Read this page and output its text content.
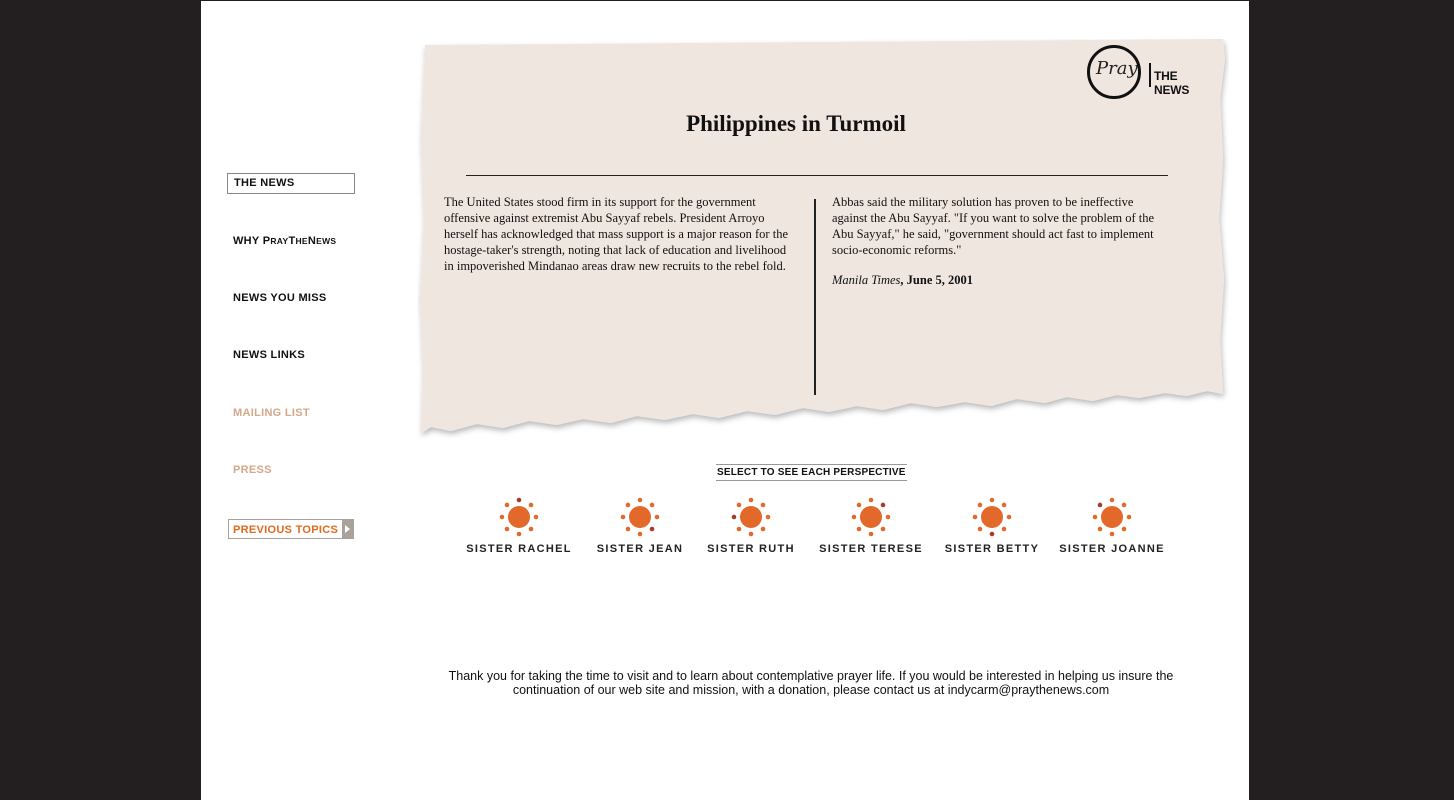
THE NEWS
WHY PRAYTHENEWS
NEWS YOU MISS
NEWS LINKS
MAILING LIST
PRESS
PREVIOUS TOPICS
Pray THE NEWS
Philippines in Turmoil
The United States stood firm in its support for the government offensive against extremist Abu Sayyaf rebels. President Arroyo herself has acknowledged that mass support is a major reason for the hostage-taker's strength, noting that lack of education and livelihood in impoverished Mindanao areas draw new recruits to the rebel fold.
Abbas said the military solution has proven to be ineffective against the Abu Sayyaf. "If you want to solve the problem of the Abu Sayyaf," he said, "government should act fast to implement socio-economic reforms."
Manila Times, June 5, 2001
SELECT TO SEE EACH PERSPECTIVE
SISTER RACHEL	SISTER JEAN	SISTER RUTH	SISTER TERESE	SISTER BETTY	SISTER JOANNE
Thank you for taking the time to visit and to learn about contemplative prayer life. If you would be interested in helping us insure the
continuation of our web site and mission, with a donation, please contact us at indycarm@praythenews.com
